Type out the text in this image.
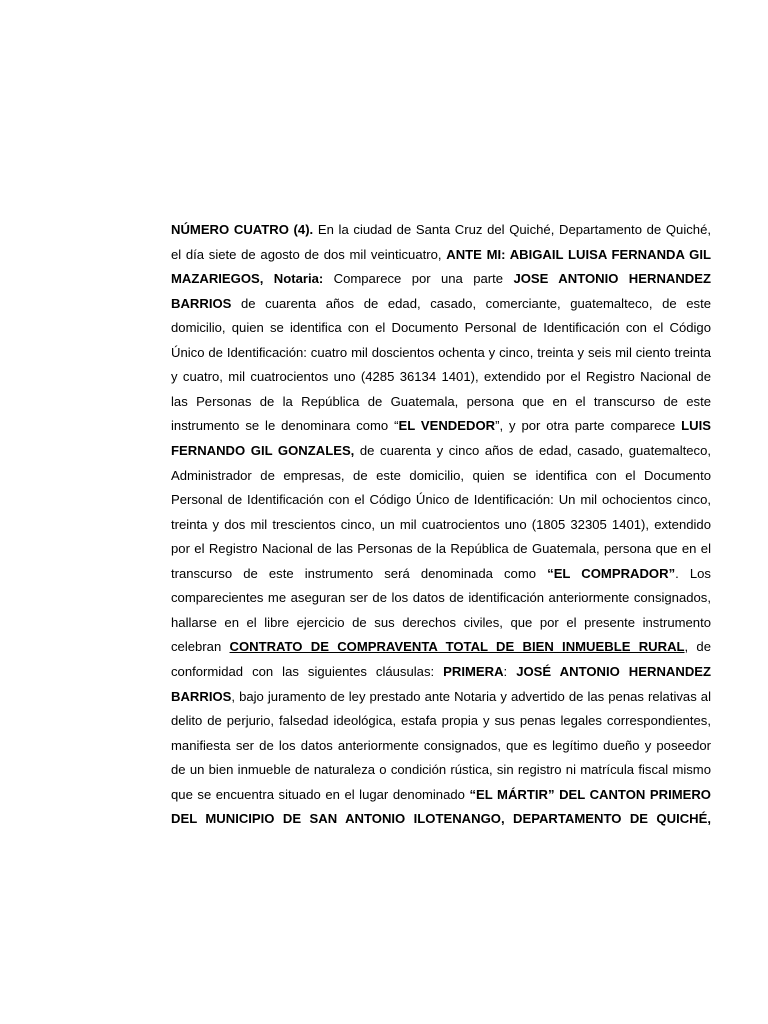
NÚMERO CUATRO (4). En la ciudad de Santa Cruz del Quiché, Departamento de Quiché,
el día siete de agosto de dos mil veinticuatro, ANTE MI: ABIGAIL LUISA FERNANDA GIL
MAZARIEGOS, Notaria: Comparece por una parte JOSE ANTONIO HERNANDEZ
BARRIOS de cuarenta años de edad, casado, comerciante, guatemalteco, de este
domicilio, quien se identifica con el Documento Personal de Identificación con el Código
Único de Identificación: cuatro mil doscientos ochenta y cinco, treinta y seis mil ciento treinta
y cuatro, mil cuatrocientos uno (4285 36134 1401), extendido por el Registro Nacional de
las Personas de la República de Guatemala, persona que en el transcurso de este
instrumento se le denominara como “EL VENDEDOR”, y por otra parte comparece LUIS
FERNANDO GIL GONZALES, de cuarenta y cinco años de edad, casado, guatemalteco,
Administrador de empresas, de este domicilio, quien se identifica con el Documento
Personal de Identificación con el Código Único de Identificación: Un mil ochocientos cinco,
treinta y dos mil trescientos cinco, un mil cuatrocientos uno (1805 32305 1401), extendido
por el Registro Nacional de las Personas de la República de Guatemala, persona que en el
transcurso de este instrumento será denominada como “EL COMPRADOR”. Los
comparecientes me aseguran ser de los datos de identificación anteriormente consignados,
hallarse en el libre ejercicio de sus derechos civiles, que por el presente instrumento
celebran CONTRATO DE COMPRAVENTA TOTAL DE BIEN INMUEBLE RURAL, de
conformidad con las siguientes cláusulas: PRIMERA: JOSÉ ANTONIO HERNANDEZ
BARRIOS, bajo juramento de ley prestado ante Notaria y advertido de las penas relativas al
delito de perjurio, falsedad ideológica, estafa propia y sus penas legales correspondientes,
manifiesta ser de los datos anteriormente consignados, que es legítimo dueño y poseedor
de un bien inmueble de naturaleza o condición rústica, sin registro ni matrícula fiscal mismo
que se encuentra situado en el lugar denominado “EL MÁRTIR” DEL CANTON PRIMERO
DEL MUNICIPIO DE SAN ANTONIO ILOTENANGO, DEPARTAMENTO DE QUICHÉ,
